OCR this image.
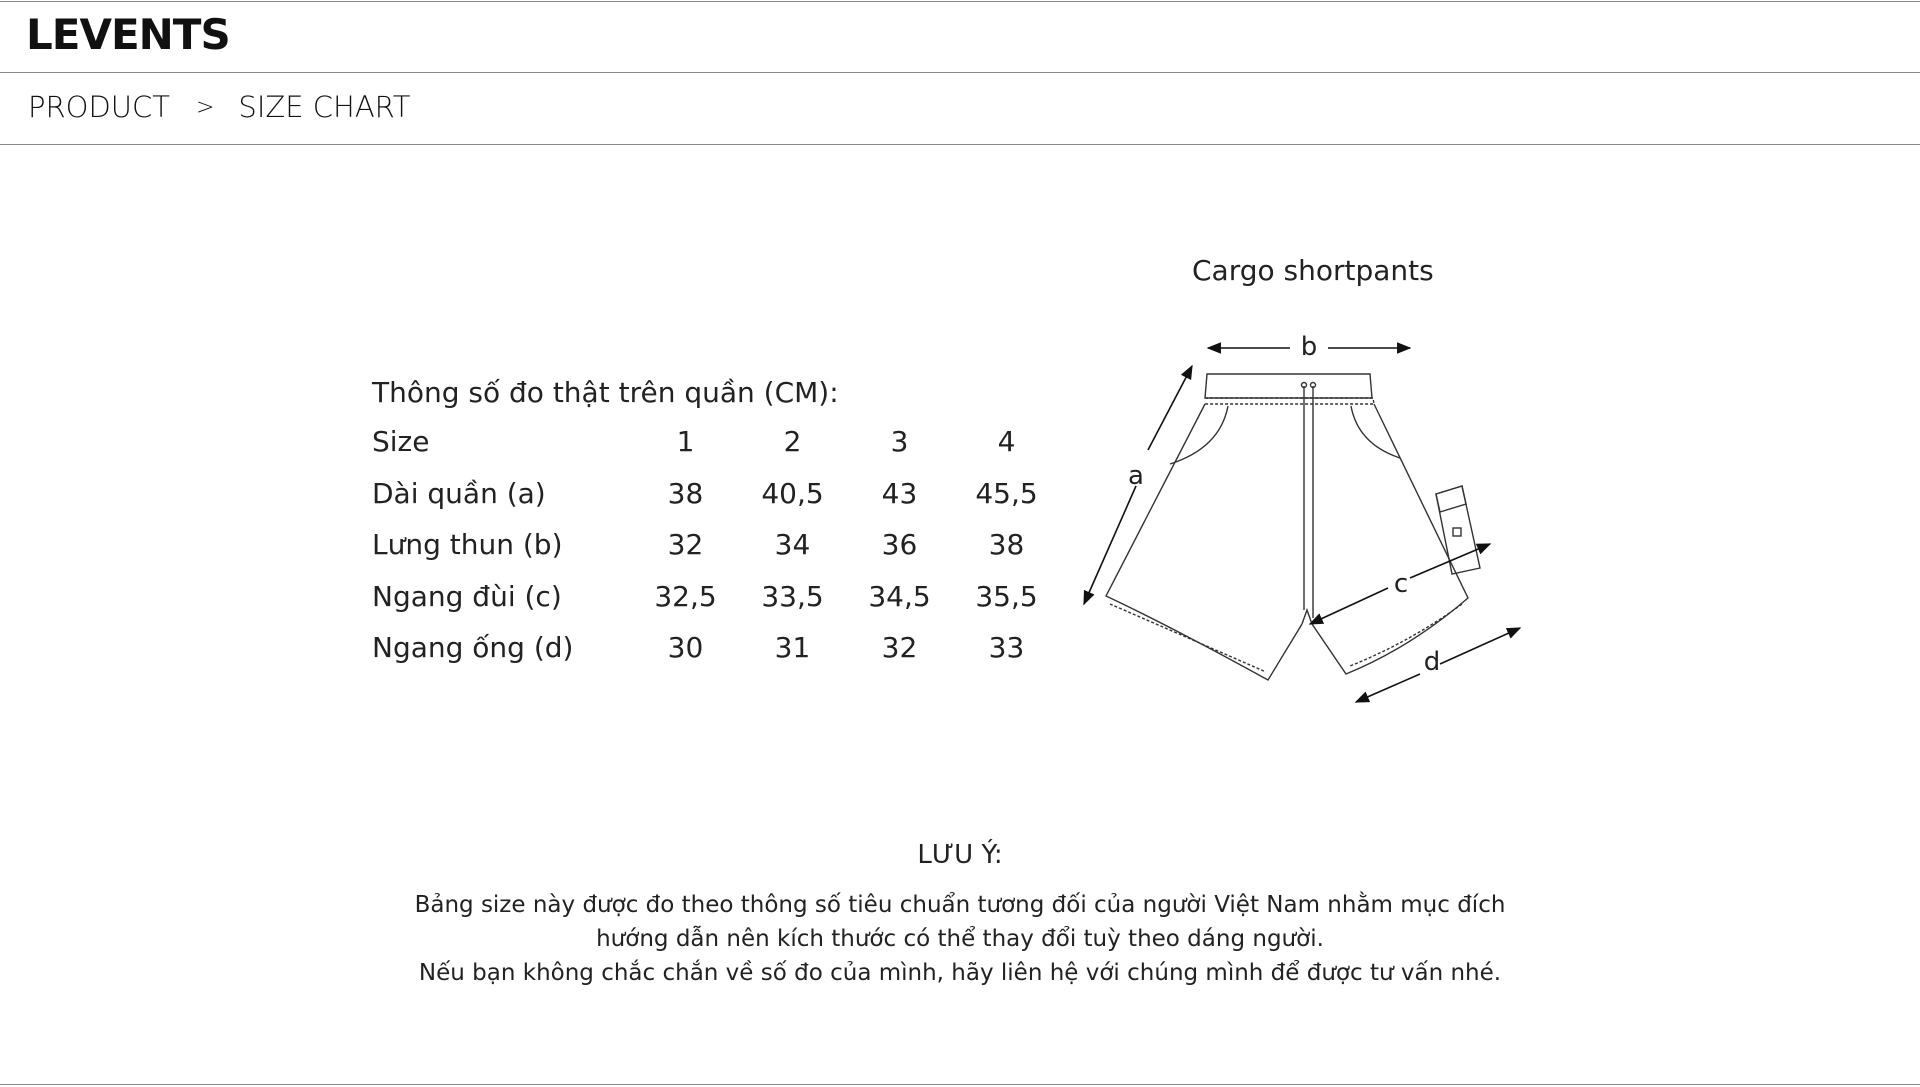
LEVENTS
PRODUCT > SIZE CHART
Thông số đo thật trên quần (CM):
Size	1	2	3	4
Dài quần (a)	38	40,5	43	45,5
Lưng thun (b)	32	34	36	38
Ngang đùi (c)	32,5	33,5	34,5	35,5
Ngang ống (d)	30	31	32	33
Cargo shortpants
b
a
c
d
LƯU Ý:
Bảng size này được đo theo thông số tiêu chuẩn tương đối của người Việt Nam nhằm mục đích
hướng dẫn nên kích thước có thể thay đổi tuỳ theo dáng người.
Nếu bạn không chắc chắn về số đo của mình, hãy liên hệ với chúng mình để được tư vấn nhé.
